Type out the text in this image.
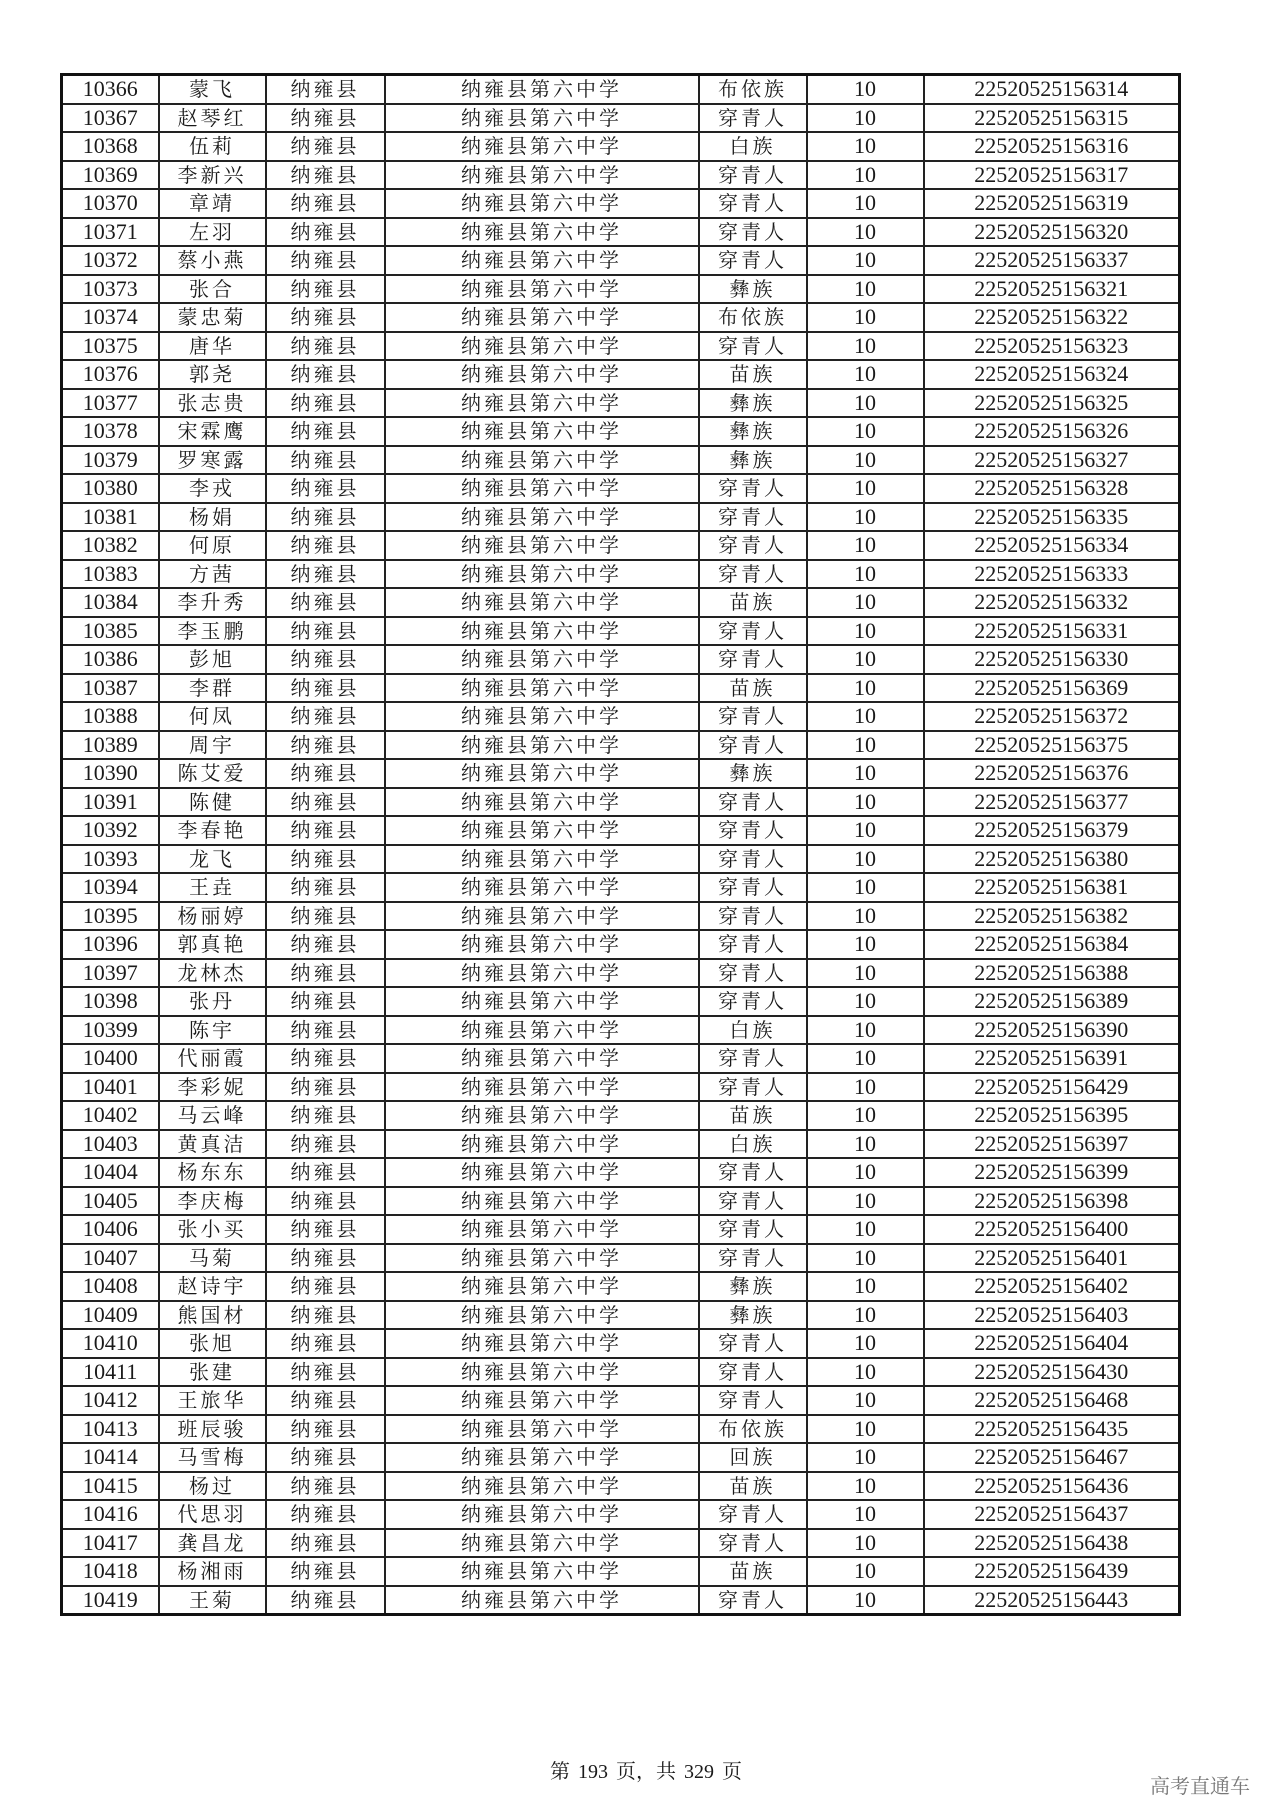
10366	蒙飞	纳雍县	纳雍县第六中学	布依族	10	22520525156314
10367	赵琴红	纳雍县	纳雍县第六中学	穿青人	10	22520525156315
10368	伍莉	纳雍县	纳雍县第六中学	白族	10	22520525156316
10369	李新兴	纳雍县	纳雍县第六中学	穿青人	10	22520525156317
10370	章靖	纳雍县	纳雍县第六中学	穿青人	10	22520525156319
10371	左羽	纳雍县	纳雍县第六中学	穿青人	10	22520525156320
10372	蔡小燕	纳雍县	纳雍县第六中学	穿青人	10	22520525156337
10373	张合	纳雍县	纳雍县第六中学	彝族	10	22520525156321
10374	蒙忠菊	纳雍县	纳雍县第六中学	布依族	10	22520525156322
10375	唐华	纳雍县	纳雍县第六中学	穿青人	10	22520525156323
10376	郭尧	纳雍县	纳雍县第六中学	苗族	10	22520525156324
10377	张志贵	纳雍县	纳雍县第六中学	彝族	10	22520525156325
10378	宋霖鹰	纳雍县	纳雍县第六中学	彝族	10	22520525156326
10379	罗寒露	纳雍县	纳雍县第六中学	彝族	10	22520525156327
10380	李戎	纳雍县	纳雍县第六中学	穿青人	10	22520525156328
10381	杨娟	纳雍县	纳雍县第六中学	穿青人	10	22520525156335
10382	何原	纳雍县	纳雍县第六中学	穿青人	10	22520525156334
10383	方茜	纳雍县	纳雍县第六中学	穿青人	10	22520525156333
10384	李升秀	纳雍县	纳雍县第六中学	苗族	10	22520525156332
10385	李玉鹏	纳雍县	纳雍县第六中学	穿青人	10	22520525156331
10386	彭旭	纳雍县	纳雍县第六中学	穿青人	10	22520525156330
10387	李群	纳雍县	纳雍县第六中学	苗族	10	22520525156369
10388	何凤	纳雍县	纳雍县第六中学	穿青人	10	22520525156372
10389	周宇	纳雍县	纳雍县第六中学	穿青人	10	22520525156375
10390	陈艾爱	纳雍县	纳雍县第六中学	彝族	10	22520525156376
10391	陈健	纳雍县	纳雍县第六中学	穿青人	10	22520525156377
10392	李春艳	纳雍县	纳雍县第六中学	穿青人	10	22520525156379
10393	龙飞	纳雍县	纳雍县第六中学	穿青人	10	22520525156380
10394	王垚	纳雍县	纳雍县第六中学	穿青人	10	22520525156381
10395	杨丽婷	纳雍县	纳雍县第六中学	穿青人	10	22520525156382
10396	郭真艳	纳雍县	纳雍县第六中学	穿青人	10	22520525156384
10397	龙林杰	纳雍县	纳雍县第六中学	穿青人	10	22520525156388
10398	张丹	纳雍县	纳雍县第六中学	穿青人	10	22520525156389
10399	陈宇	纳雍县	纳雍县第六中学	白族	10	22520525156390
10400	代丽霞	纳雍县	纳雍县第六中学	穿青人	10	22520525156391
10401	李彩妮	纳雍县	纳雍县第六中学	穿青人	10	22520525156429
10402	马云峰	纳雍县	纳雍县第六中学	苗族	10	22520525156395
10403	黄真洁	纳雍县	纳雍县第六中学	白族	10	22520525156397
10404	杨东东	纳雍县	纳雍县第六中学	穿青人	10	22520525156399
10405	李庆梅	纳雍县	纳雍县第六中学	穿青人	10	22520525156398
10406	张小买	纳雍县	纳雍县第六中学	穿青人	10	22520525156400
10407	马菊	纳雍县	纳雍县第六中学	穿青人	10	22520525156401
10408	赵诗宇	纳雍县	纳雍县第六中学	彝族	10	22520525156402
10409	熊国材	纳雍县	纳雍县第六中学	彝族	10	22520525156403
10410	张旭	纳雍县	纳雍县第六中学	穿青人	10	22520525156404
10411	张建	纳雍县	纳雍县第六中学	穿青人	10	22520525156430
10412	王旅华	纳雍县	纳雍县第六中学	穿青人	10	22520525156468
10413	班辰骏	纳雍县	纳雍县第六中学	布依族	10	22520525156435
10414	马雪梅	纳雍县	纳雍县第六中学	回族	10	22520525156467
10415	杨过	纳雍县	纳雍县第六中学	苗族	10	22520525156436
10416	代思羽	纳雍县	纳雍县第六中学	穿青人	10	22520525156437
10417	龚昌龙	纳雍县	纳雍县第六中学	穿青人	10	22520525156438
10418	杨湘雨	纳雍县	纳雍县第六中学	苗族	10	22520525156439
10419	王菊	纳雍县	纳雍县第六中学	穿青人	10	22520525156443
第 193 页，共 329 页
高考直通车
